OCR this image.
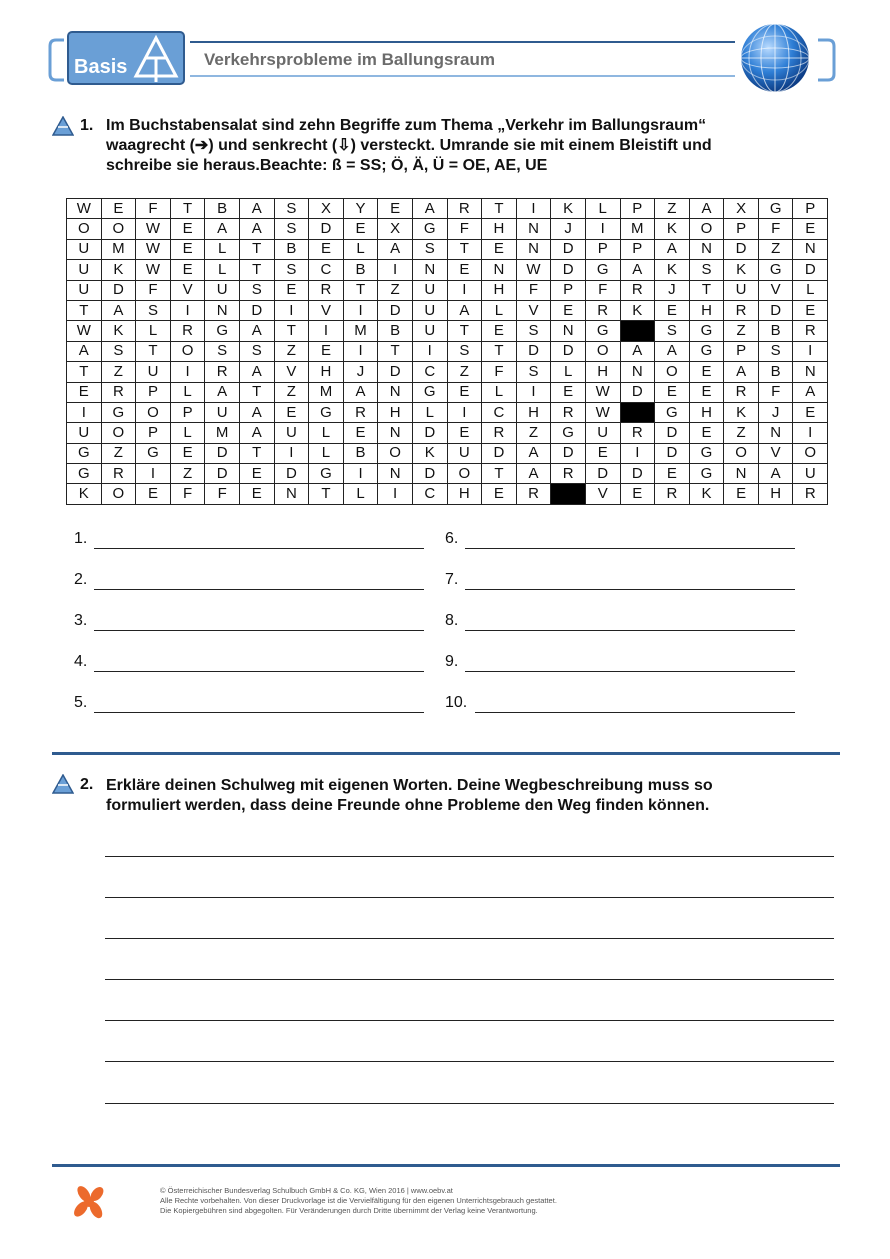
Basis	Verkehrsprobleme im Ballungsraum
1. Im Buchstabensalat sind zehn Begriffe zum Thema „Verkehr im Ballungsraum“
waagrecht (➔) und senkrecht (⇩) versteckt. Umrande sie mit einem Bleistift und
schreibe sie heraus.Beachte: ß = SS; Ö, Ä, Ü = OE, AE, UE
W	E	F	T	B	A	S	X	Y	E	A	R	T	I	K	L	P	Z	A	X	G	P
O	O	W	E	A	A	S	D	E	X	G	F	H	N	J	I	M	K	O	P	F	E
U	M	W	E	L	T	B	E	L	A	S	T	E	N	D	P	P	A	N	D	Z	N
U	K	W	E	L	T	S	C	B	I	N	E	N	W	D	G	A	K	S	K	G	D
U	D	F	V	U	S	E	R	T	Z	U	I	H	F	P	F	R	J	T	U	V	L
T	A	S	I	N	D	I	V	I	D	U	A	L	V	E	R	K	E	H	R	D	E
W	K	L	R	G	A	T	I	M	B	U	T	E	S	N	G		S	G	Z	B	R
A	S	T	O	S	S	Z	E	I	T	I	S	T	D	D	O	A	A	G	P	S	I
T	Z	U	I	R	A	V	H	J	D	C	Z	F	S	L	H	N	O	E	A	B	N
E	R	P	L	A	T	Z	M	A	N	G	E	L	I	E	W	D	E	E	R	F	A
I	G	O	P	U	A	E	G	R	H	L	I	C	H	R	W		G	H	K	J	E
U	O	P	L	M	A	U	L	E	N	D	E	R	Z	G	U	R	D	E	Z	N	I
G	Z	G	E	D	T	I	L	B	O	K	U	D	A	D	E	I	D	G	O	V	O
G	R	I	Z	D	E	D	G	I	N	D	O	T	A	R	D	D	E	G	N	A	U
K	O	E	F	F	E	N	T	L	I	C	H	E	R		V	E	R	K	E	H	R
1.
2.
3.
4.
5.
6.
7.
8.
9.
10.
2. Erkläre deinen Schulweg mit eigenen Worten. Deine Wegbeschreibung muss so
formuliert werden, dass deine Freunde ohne Probleme den Weg finden können.
© Österreichischer Bundesverlag Schulbuch GmbH & Co. KG, Wien 2016 | www.oebv.at
Alle Rechte vorbehalten. Von dieser Druckvorlage ist die Vervielfältigung für den eigenen Unterrichtsgebrauch gestattet.
Die Kopiergebühren sind abgegolten. Für Veränderungen durch Dritte übernimmt der Verlag keine Verantwortung.
